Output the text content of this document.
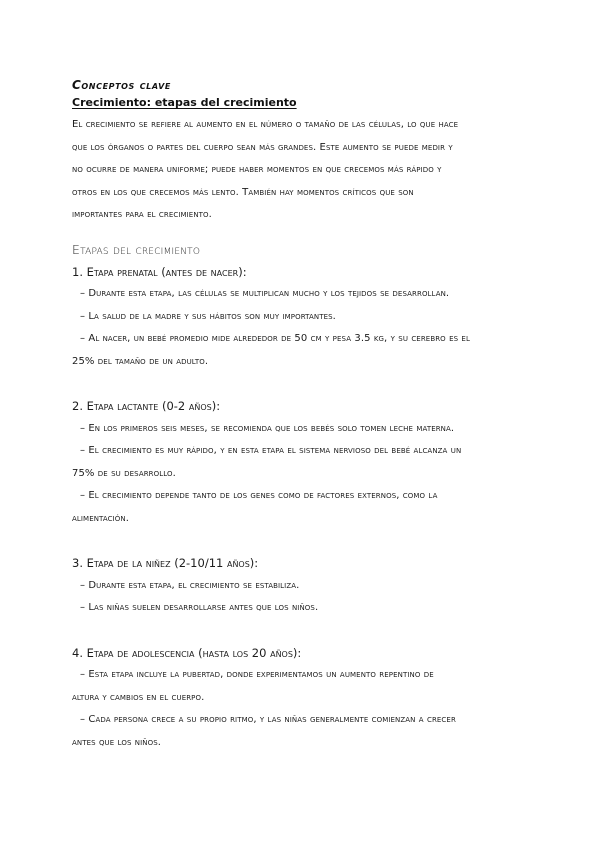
Conceptos clave
Crecimiento: etapas del crecimiento
El crecimiento se refiere al aumento en el número o tamaño de las células, lo que hace
que los órganos o partes del cuerpo sean más grandes. Este aumento se puede medir y
no ocurre de manera uniforme; puede haber momentos en que crecemos más rápido y
otros en los que crecemos más lento. También hay momentos críticos que son
importantes para el crecimiento.
Etapas del crecimiento
1. Etapa prenatal (antes de nacer):
– Durante esta etapa, las células se multiplican mucho y los tejidos se desarrollan.
– La salud de la madre y sus hábitos son muy importantes.
– Al nacer, un bebé promedio mide alrededor de 50 cm y pesa 3.5 kg, y su cerebro es el
25% del tamaño de un adulto.
2. Etapa lactante (0-2 años):
– En los primeros seis meses, se recomienda que los bebés solo tomen leche materna.
– El crecimiento es muy rápido, y en esta etapa el sistema nervioso del bebé alcanza un
75% de su desarrollo.
– El crecimiento depende tanto de los genes como de factores externos, como la
alimentación.
3. Etapa de la niñez (2-10/11 años):
– Durante esta etapa, el crecimiento se estabiliza.
– Las niñas suelen desarrollarse antes que los niños.
4. Etapa de adolescencia (hasta los 20 años):
– Esta etapa incluye la pubertad, donde experimentamos un aumento repentino de
altura y cambios en el cuerpo.
– Cada persona crece a su propio ritmo, y las niñas generalmente comienzan a crecer
antes que los niños.
